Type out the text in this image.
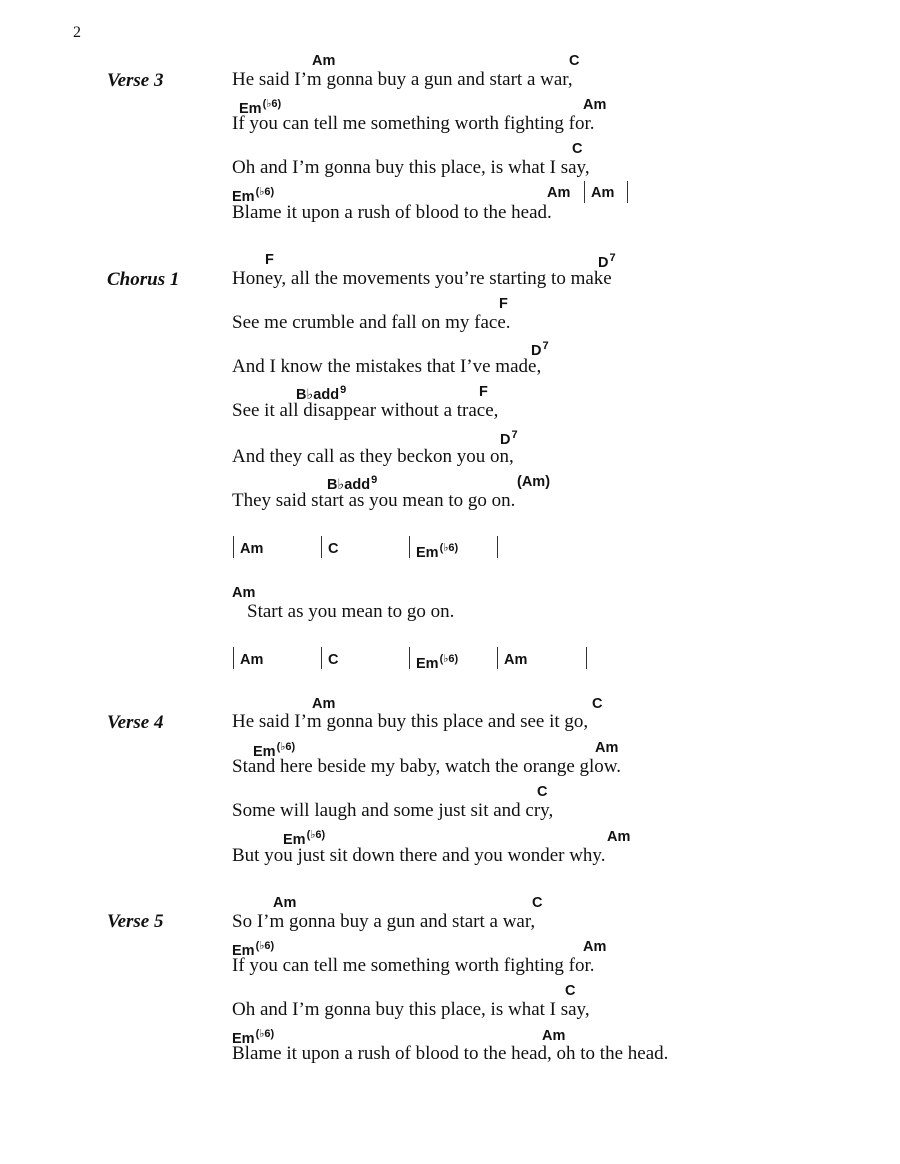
2
Verse 3
Am	C
He said I’m gonna buy a gun and start a war,
$Em^{(♭6)}$	Am
If you can tell me something worth fighting for.
C
Oh and I’m gonna buy this place, is what I say,
$Em^{(♭6)}$	Am Am
Blame it upon a rush of blood to the head.
Chorus 1
F	$D^7$
Honey, all the movements you’re starting to make
F
See me crumble and fall on my face.
$D^7$
And I know the mistakes that I’ve made,
B♭add$^9$	F
See it all disappear without a trace,
$D^7$
And they call as they beckon you on,
B♭add$^9$	(Am)
They said start as you mean to go on.
Am	C	$Em^{(♭6)}$
Am
Start as you mean to go on.
Am	C	$Em^{(♭6)}$	Am
Verse 4
Am	C
He said I’m gonna buy this place and see it go,
$Em^{(♭6)}$	Am
Stand here beside my baby, watch the orange glow.
C
Some will laugh and some just sit and cry,
$Em^{(♭6)}$	Am
But you just sit down there and you wonder why.
Verse 5
Am	C
So I’m gonna buy a gun and start a war,
$Em^{(♭6)}$	Am
If you can tell me something worth fighting for.
C
Oh and I’m gonna buy this place, is what I say,
$Em^{(♭6)}$	Am
Blame it upon a rush of blood to the head, oh to the head.
